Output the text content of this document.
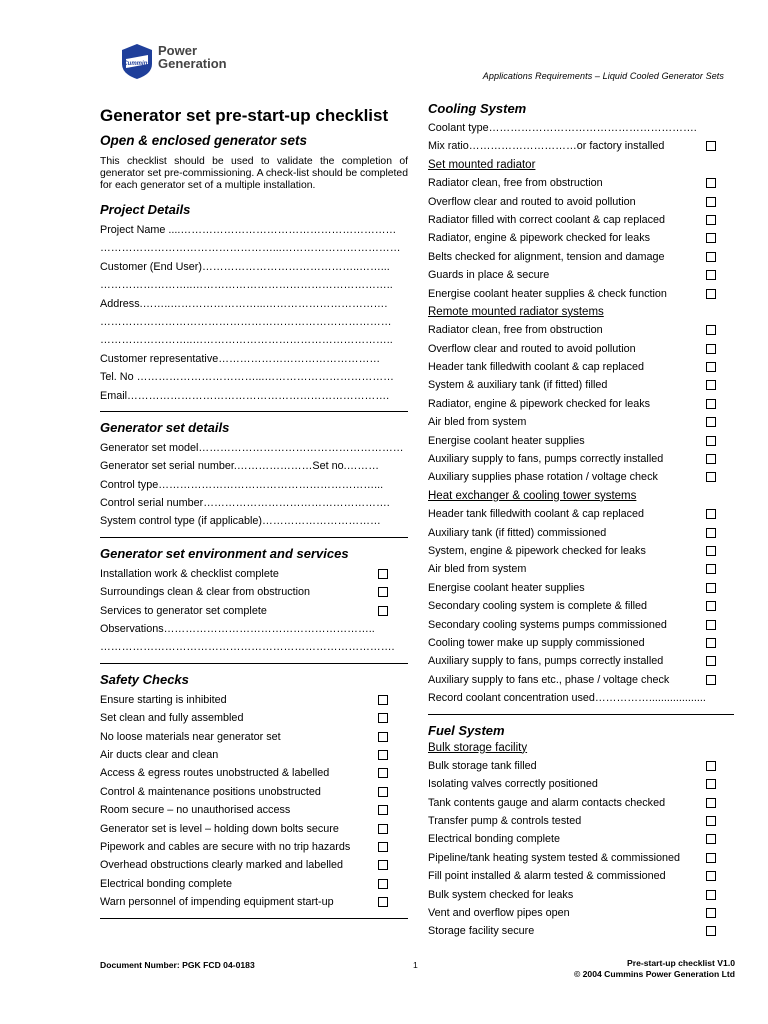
Cummins
Power
Generation
Applications Requirements – Liquid Cooled Generator Sets
Generator set pre-start-up checklist
Open & enclosed generator sets
This checklist should be used to validate the completion of generator set pre-commissioning. A check-list should be completed for each generator set of a multiple installation.
Project Details
Project Name ....……………………………………………………
…………………………………………...……………………………
Customer (End User)……………………………………..……...
……………………..………………………………………………..
Address.……..……………………...…………………………….
………………………………………………………………………
……………………..………………………………………………..
Customer representative………………………………………
Tel. No ……………………………...………………………………
Email……………………………………………………………….
Generator set details
Generator set model…………………………………………………
Generator set serial number.…………………Set no.………
Control type……………………………………………………...
Control serial number…………………………………………….
System control type (if applicable)……………………………
Generator set environment and services
Installation work & checklist complete
Surroundings clean & clear from obstruction
Services to generator set complete
Observations…………………………………………………..
……………………………………………………………………….
Safety Checks
Ensure starting is inhibited
Set clean and fully assembled
No loose materials near generator set
Air ducts clear and clean
Access & egress routes unobstructed & labelled
Control & maintenance positions unobstructed
Room secure – no unauthorised access
Generator set is level – holding down bolts secure
Pipework and cables are secure with no trip hazards
Overhead obstructions clearly marked and labelled
Electrical bonding complete
Warn personnel of impending equipment start-up
Cooling System
Coolant type………………………………………………….
Mix ratio…………………………or factory installed
Set mounted radiator
Radiator clean, free from obstruction
Overflow clear and routed to avoid pollution
Radiator filled with correct coolant & cap replaced
Radiator, engine & pipework checked for leaks
Belts checked for alignment, tension and damage
Guards in place & secure
Energise coolant heater supplies & check function
Remote mounted radiator systems
Radiator clean, free from obstruction
Overflow clear and routed to avoid pollution
Header tank filledwith coolant & cap replaced
System & auxiliary tank (if fitted) filled
Radiator, engine & pipework checked for leaks
Air bled from system
Energise coolant heater supplies
Auxiliary supply to fans, pumps correctly installed
Auxiliary supplies phase rotation / voltage check
Heat exchanger & cooling tower systems
Header tank filledwith coolant & cap replaced
Auxiliary tank (if fitted) commissioned
System, engine & pipework checked for leaks
Air bled from system
Energise coolant heater supplies
Secondary cooling system is complete & filled
Secondary cooling systems pumps commissioned
Cooling tower make up supply commissioned
Auxiliary supply to fans, pumps correctly installed
Auxiliary supply to fans etc., phase / voltage check
Record coolant concentration used……………...................
Fuel System
Bulk storage facility
Bulk storage tank filled
Isolating valves correctly positioned
Tank contents gauge and alarm contacts checked
Transfer pump & controls tested
Electrical bonding complete
Pipeline/tank heating system tested & commissioned
Fill point installed & alarm tested & commissioned
Bulk system checked for leaks
Vent and overflow pipes open
Storage facility secure
Document Number: PGK FCD 04-0183	1	Pre-start-up checklist V1.0
© 2004 Cummins Power Generation Ltd
